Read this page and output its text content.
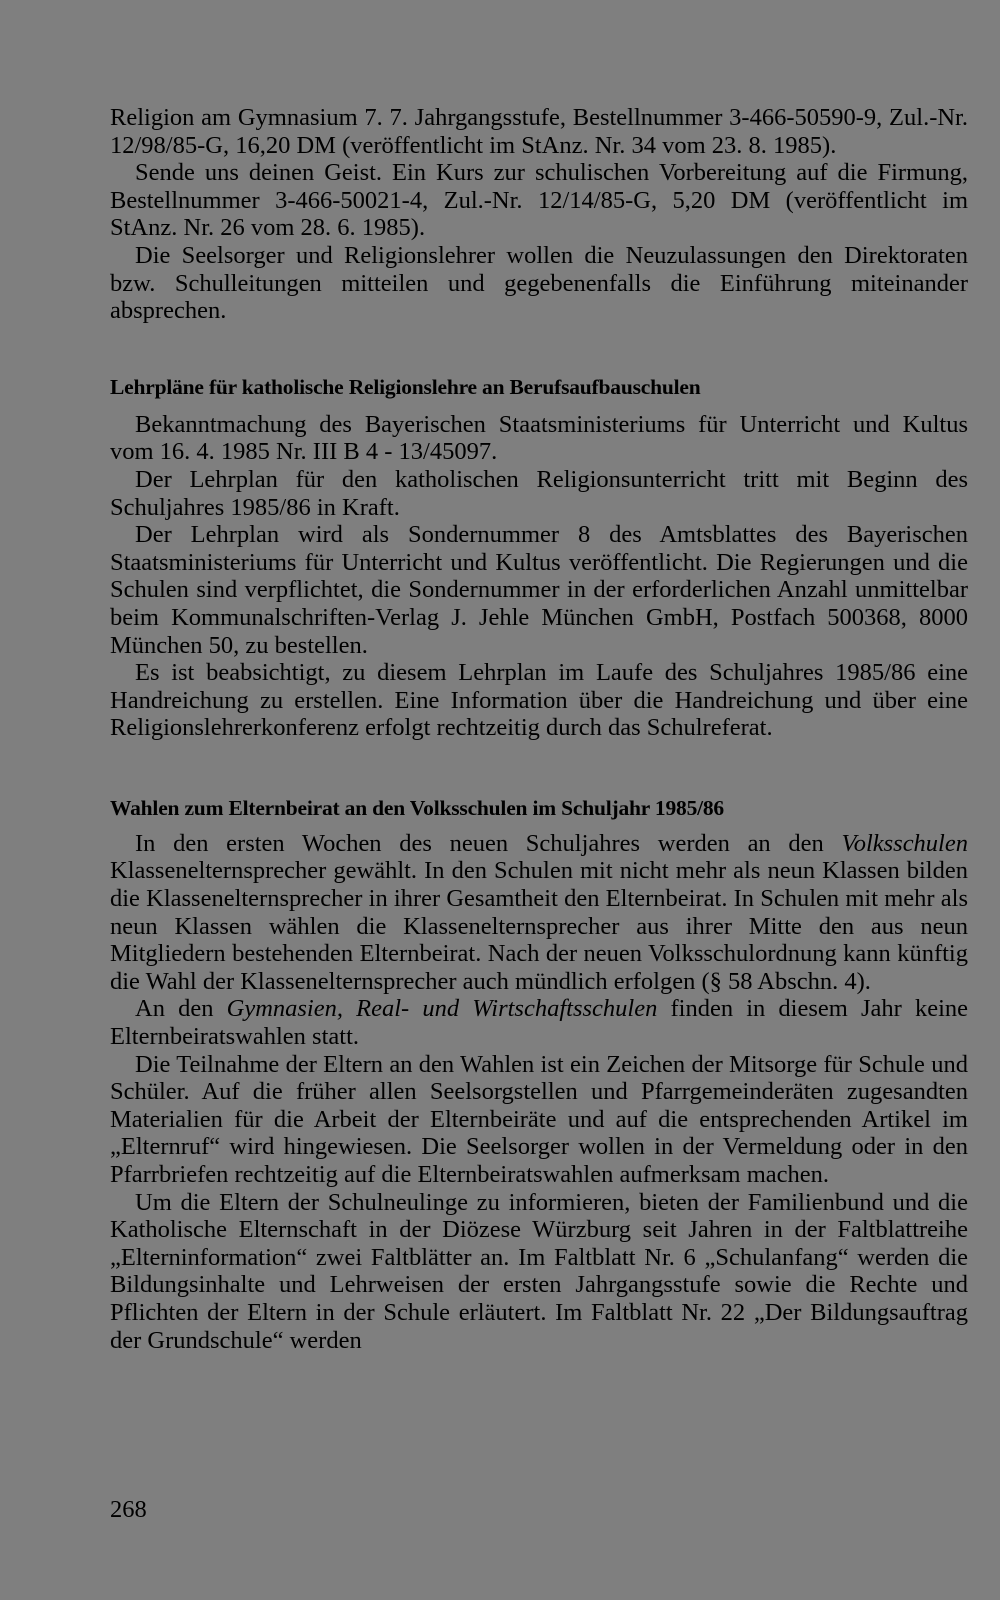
Religion am Gymnasium 7. 7. Jahrgangsstufe, Bestellnummer 3-466-50590-9, Zul.-Nr. 12/98/85-G, 16,20 DM (veröffentlicht im StAnz. Nr. 34 vom 23. 8. 1985).

Sende uns deinen Geist. Ein Kurs zur schulischen Vorbereitung auf die Firmung, Bestellnummer 3-466-50021-4, Zul.-Nr. 12/14/85-G, 5,20 DM (veröffentlicht im StAnz. Nr. 26 vom 28. 6. 1985).

Die Seelsorger und Religionslehrer wollen die Neuzulassungen den Direktoraten bzw. Schulleitungen mitteilen und gegebenenfalls die Einführung miteinander absprechen.

Lehrpläne für katholische Religionslehre an Berufsaufbauschulen

Bekanntmachung des Bayerischen Staatsministeriums für Unterricht und Kultus vom 16. 4. 1985 Nr. III B 4 - 13/45097.

Der Lehrplan für den katholischen Religionsunterricht tritt mit Beginn des Schuljahres 1985/86 in Kraft.

Der Lehrplan wird als Sondernummer 8 des Amtsblattes des Bayerischen Staatsministeriums für Unterricht und Kultus veröffentlicht. Die Regierungen und die Schulen sind verpflichtet, die Sondernummer in der erforderlichen Anzahl unmittelbar beim Kommunalschriften-Verlag J. Jehle München GmbH, Postfach 500368, 8000 München 50, zu bestellen.

Es ist beabsichtigt, zu diesem Lehrplan im Laufe des Schuljahres 1985/86 eine Handreichung zu erstellen. Eine Information über die Handreichung und über eine Religionslehrerkonferenz erfolgt rechtzeitig durch das Schulreferat.

Wahlen zum Elternbeirat an den Volksschulen im Schuljahr 1985/86

In den ersten Wochen des neuen Schuljahres werden an den Volksschulen Klassenelternsprecher gewählt. In den Schulen mit nicht mehr als neun Klassen bilden die Klassenelternsprecher in ihrer Gesamtheit den Elternbeirat. In Schulen mit mehr als neun Klassen wählen die Klassenelternsprecher aus ihrer Mitte den aus neun Mitgliedern bestehenden Elternbeirat. Nach der neuen Volksschulordnung kann künftig die Wahl der Klassenelternsprecher auch mündlich erfolgen (§ 58 Abschn. 4).

An den Gymnasien, Real- und Wirtschaftsschulen finden in diesem Jahr keine Elternbeiratswahlen statt.

Die Teilnahme der Eltern an den Wahlen ist ein Zeichen der Mitsorge für Schule und Schüler. Auf die früher allen Seelsorgstellen und Pfarrgemeinderäten zugesandten Materialien für die Arbeit der Elternbeiräte und auf die entsprechenden Artikel im „Elternruf“ wird hingewiesen. Die Seelsorger wollen in der Vermeldung oder in den Pfarrbriefen rechtzeitig auf die Elternbeiratswahlen aufmerksam machen.

Um die Eltern der Schulneulinge zu informieren, bieten der Familienbund und die Katholische Elternschaft in der Diözese Würzburg seit Jahren in der Faltblattreihe „Elterninformation“ zwei Faltblätter an. Im Faltblatt Nr. 6 „Schulanfang“ werden die Bildungsinhalte und Lehrweisen der ersten Jahrgangsstufe sowie die Rechte und Pflichten der Eltern in der Schule erläutert. Im Faltblatt Nr. 22 „Der Bildungsauftrag der Grundschule“ werden

268
